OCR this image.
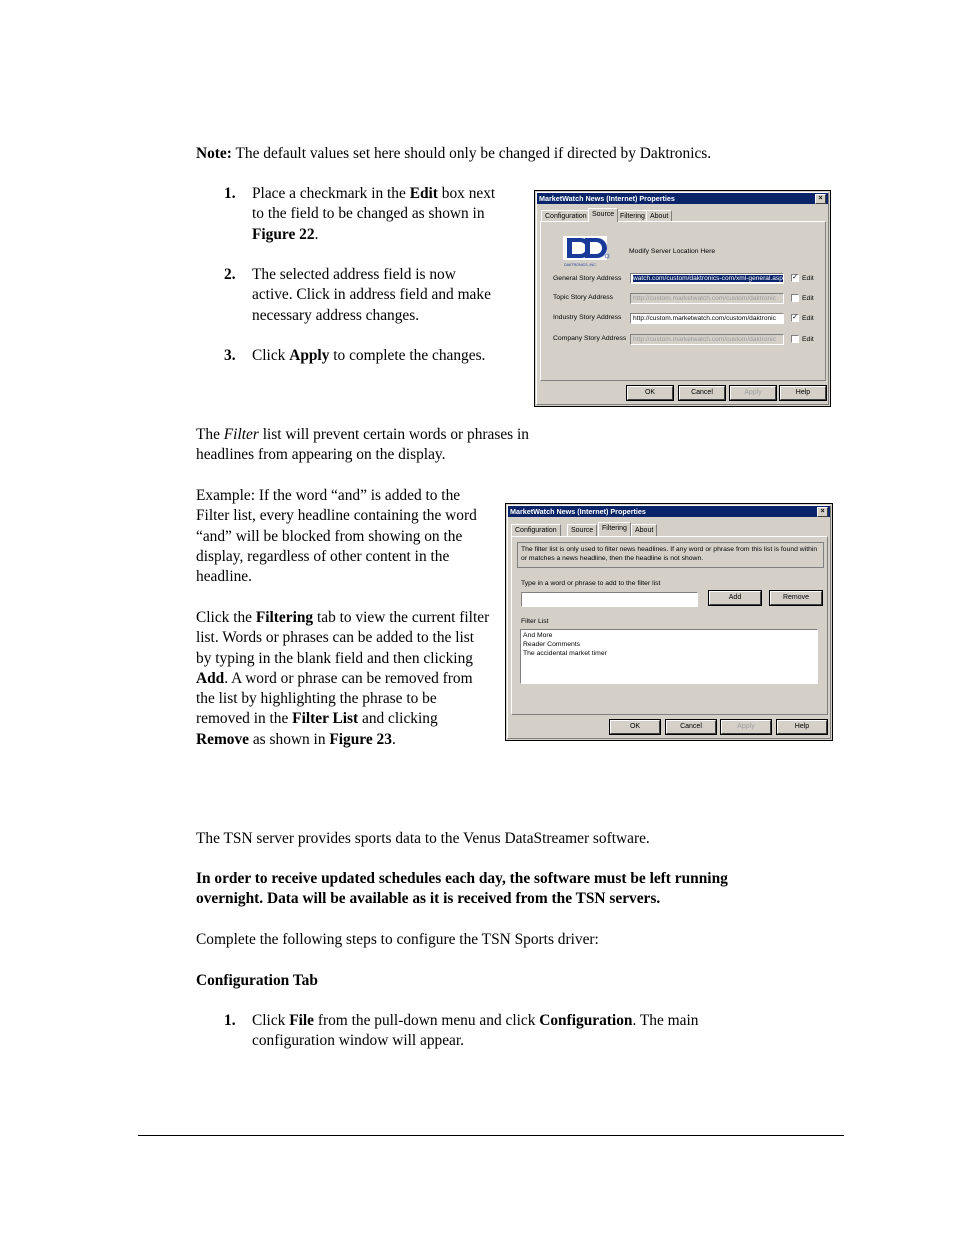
Note: The default values set here should only be changed if directed by Daktronics.

1. Place a checkmark in the Edit box next to the field to be changed as shown in Figure 22.

2. The selected address field is now active. Click in address field and make necessary address changes.

3. Click Apply to complete the changes.

MarketWatch News (Internet) Properties	×
Configuration Source Filtering About
DAKTRONICS, INC.
Modify Server Location Here
General Story Address	watch.com/custom/daktronics-com/xml-general.asp ✓ Edit
Topic Story Address	http://custom.marketwatch.com/custom/daktronic	Edit
Industry Story Address	http://custom.marketwatch.com/custom/daktronic	✓ Edit
Company Story Address	http://custom.marketwatch.com/custom/daktronic	Edit
OK	Cancel	Apply	Help

The Filter list will prevent certain words or phrases in headlines from appearing on the display.

Example: If the word “and” is added to the Filter list, every headline containing the word “and” will be blocked from showing on the display, regardless of other content in the headline.

Click the Filtering tab to view the current filter list. Words or phrases can be added to the list by typing in the blank field and then clicking Add. A word or phrase can be removed from the list by highlighting the phrase to be removed in the Filter List and clicking Remove as shown in Figure 23.

MarketWatch News (Internet) Properties	×
Configuration	Source	Filtering	About
The filter list is only used to filter news headlines. If any word or phrase from this list is found within or matches a news headline, then the headline is not shown.
Type in a word or phrase to add to the filter list
Add	Remove
Filter List
And More
Reader Comments
The accidental market timer
OK	Cancel	Apply	Help

The TSN server provides sports data to the Venus DataStreamer software.

In order to receive updated schedules each day, the software must be left running overnight. Data will be available as it is received from the TSN servers.

Complete the following steps to configure the TSN Sports driver:

Configuration Tab

1. Click File from the pull-down menu and click Configuration. The main configuration window will appear.
